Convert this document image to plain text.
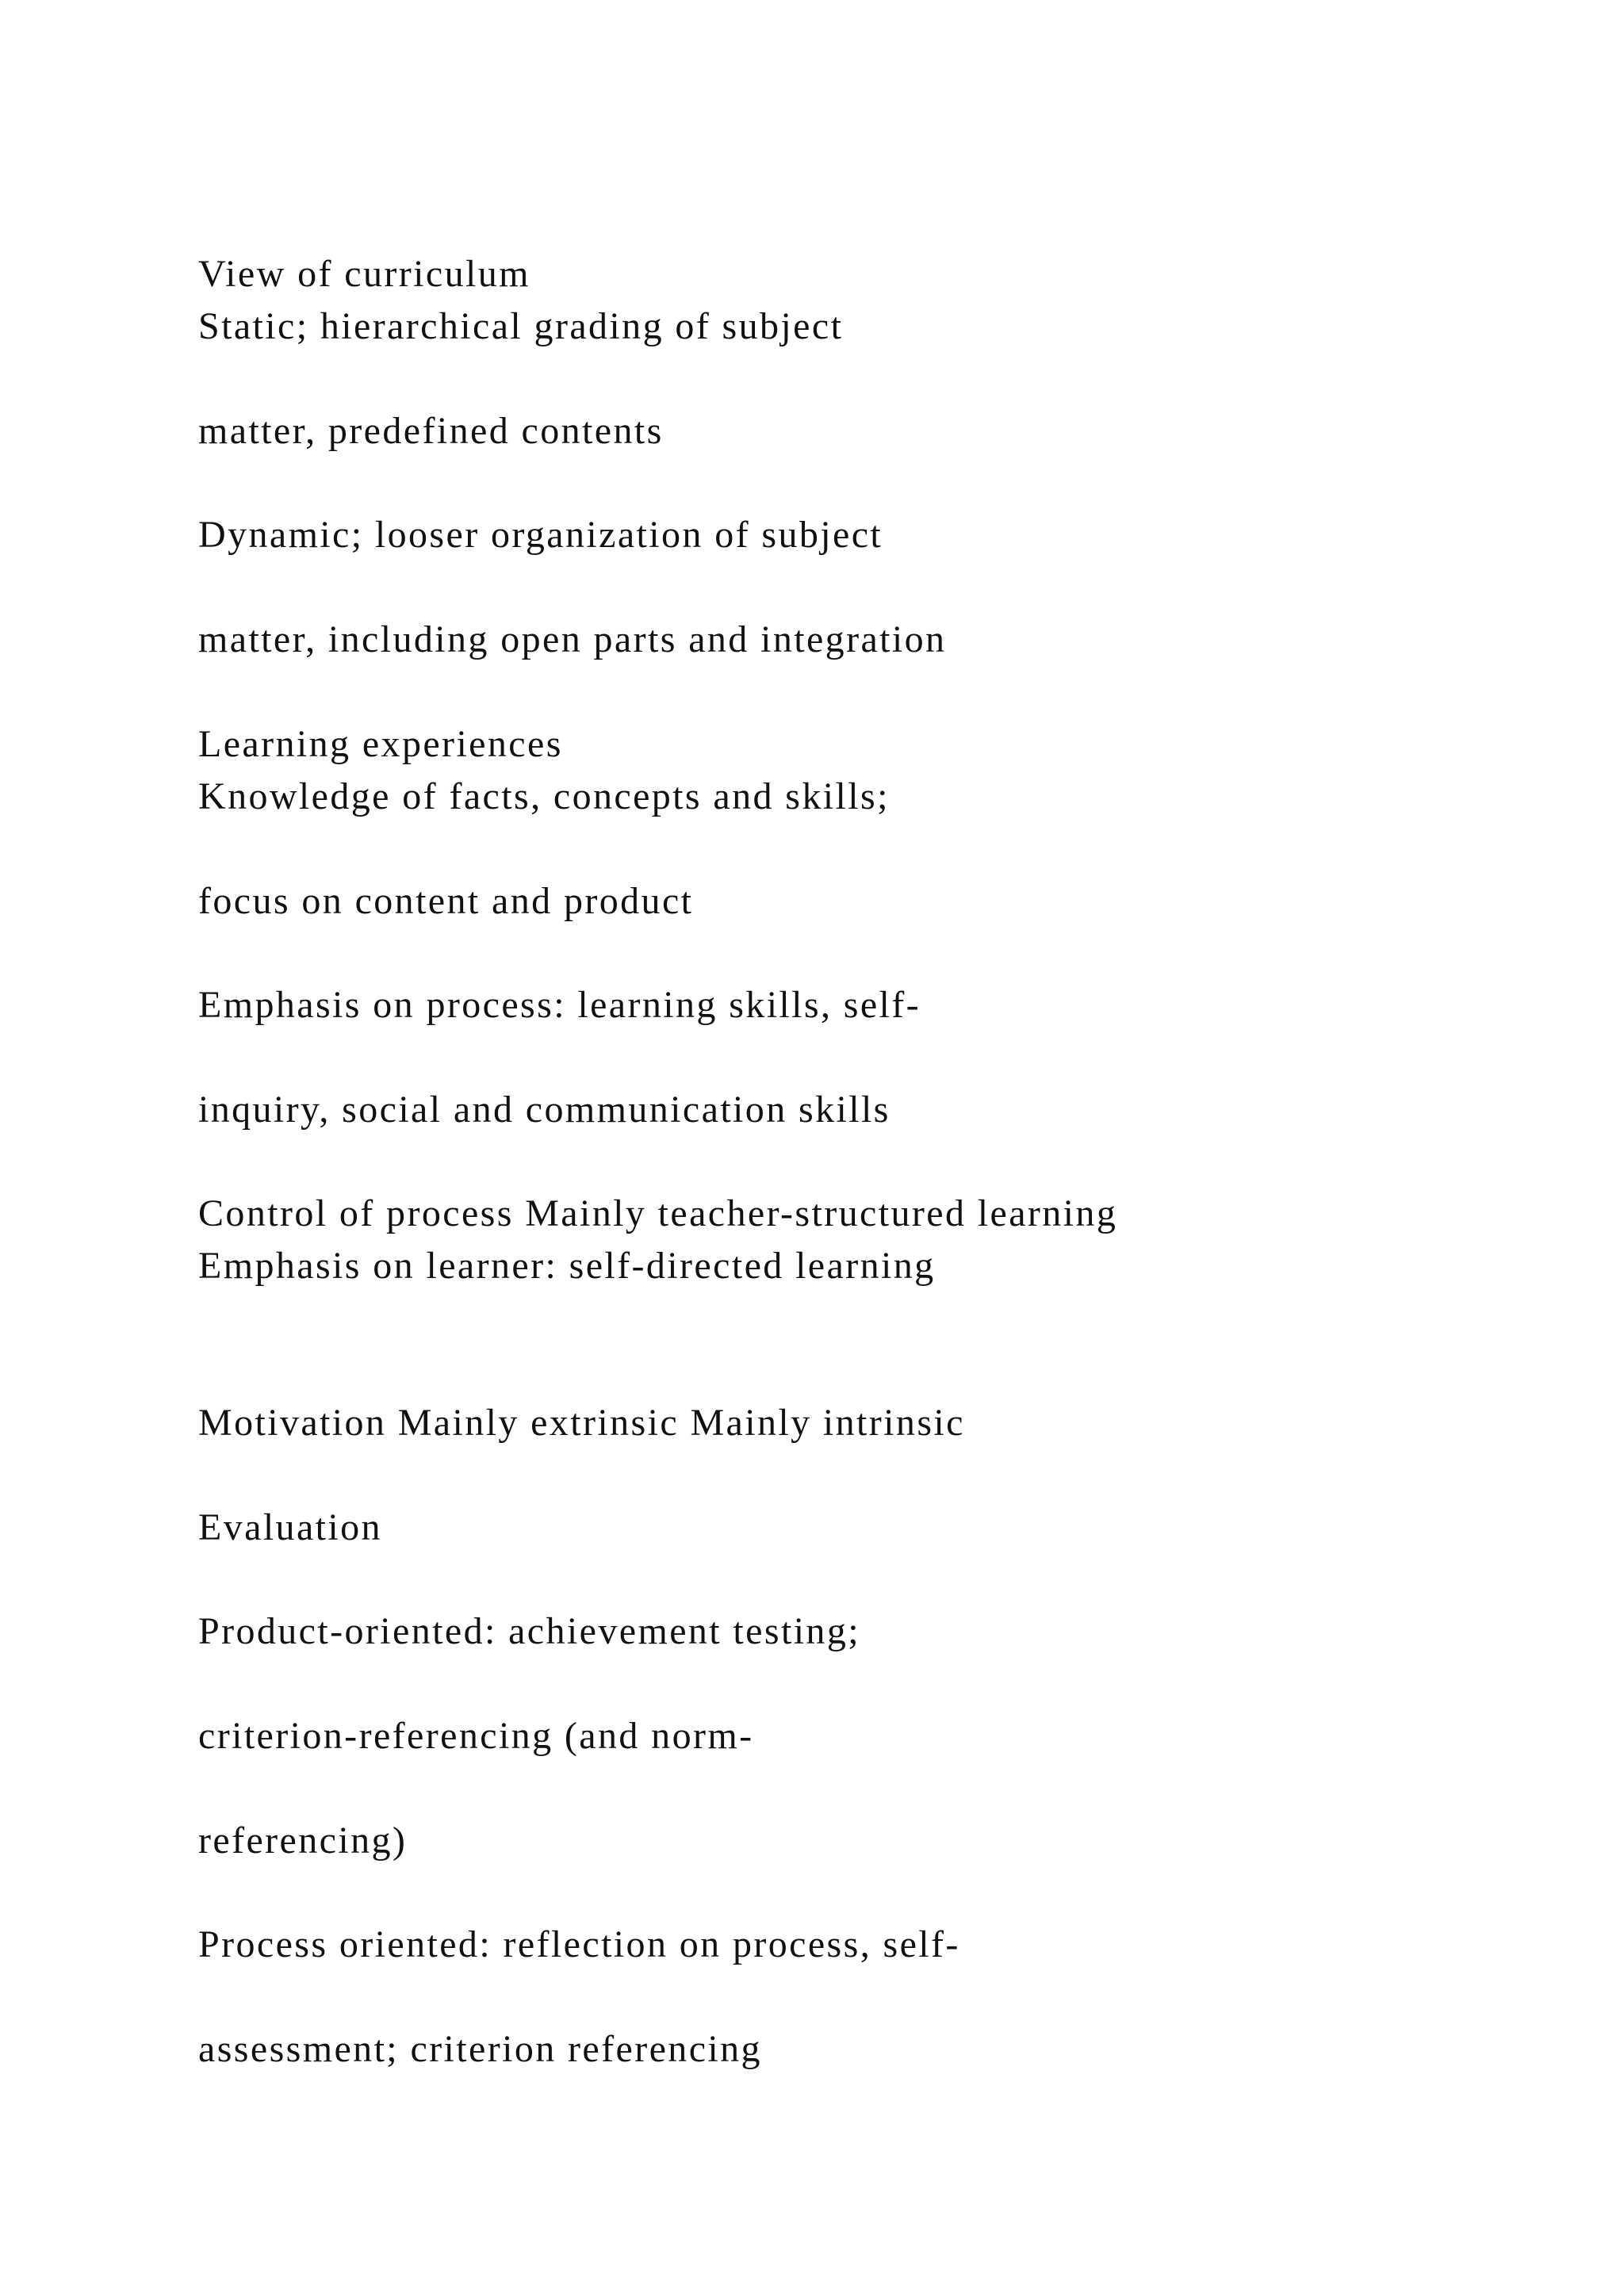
View of curriculum
Static; hierarchical grading of subject
matter, predefined contents
Dynamic; looser organization of subject
matter, including open parts and integration
Learning experiences
Knowledge of facts, concepts and skills;
focus on content and product
Emphasis on process: learning skills, self-
inquiry, social and communication skills
Control of process Mainly teacher-structured learning
Emphasis on learner: self-directed learning
Motivation Mainly extrinsic Mainly intrinsic
Evaluation
Product-oriented: achievement testing;
criterion-referencing (and norm-
referencing)
Process oriented: reflection on process, self-
assessment; criterion referencing
